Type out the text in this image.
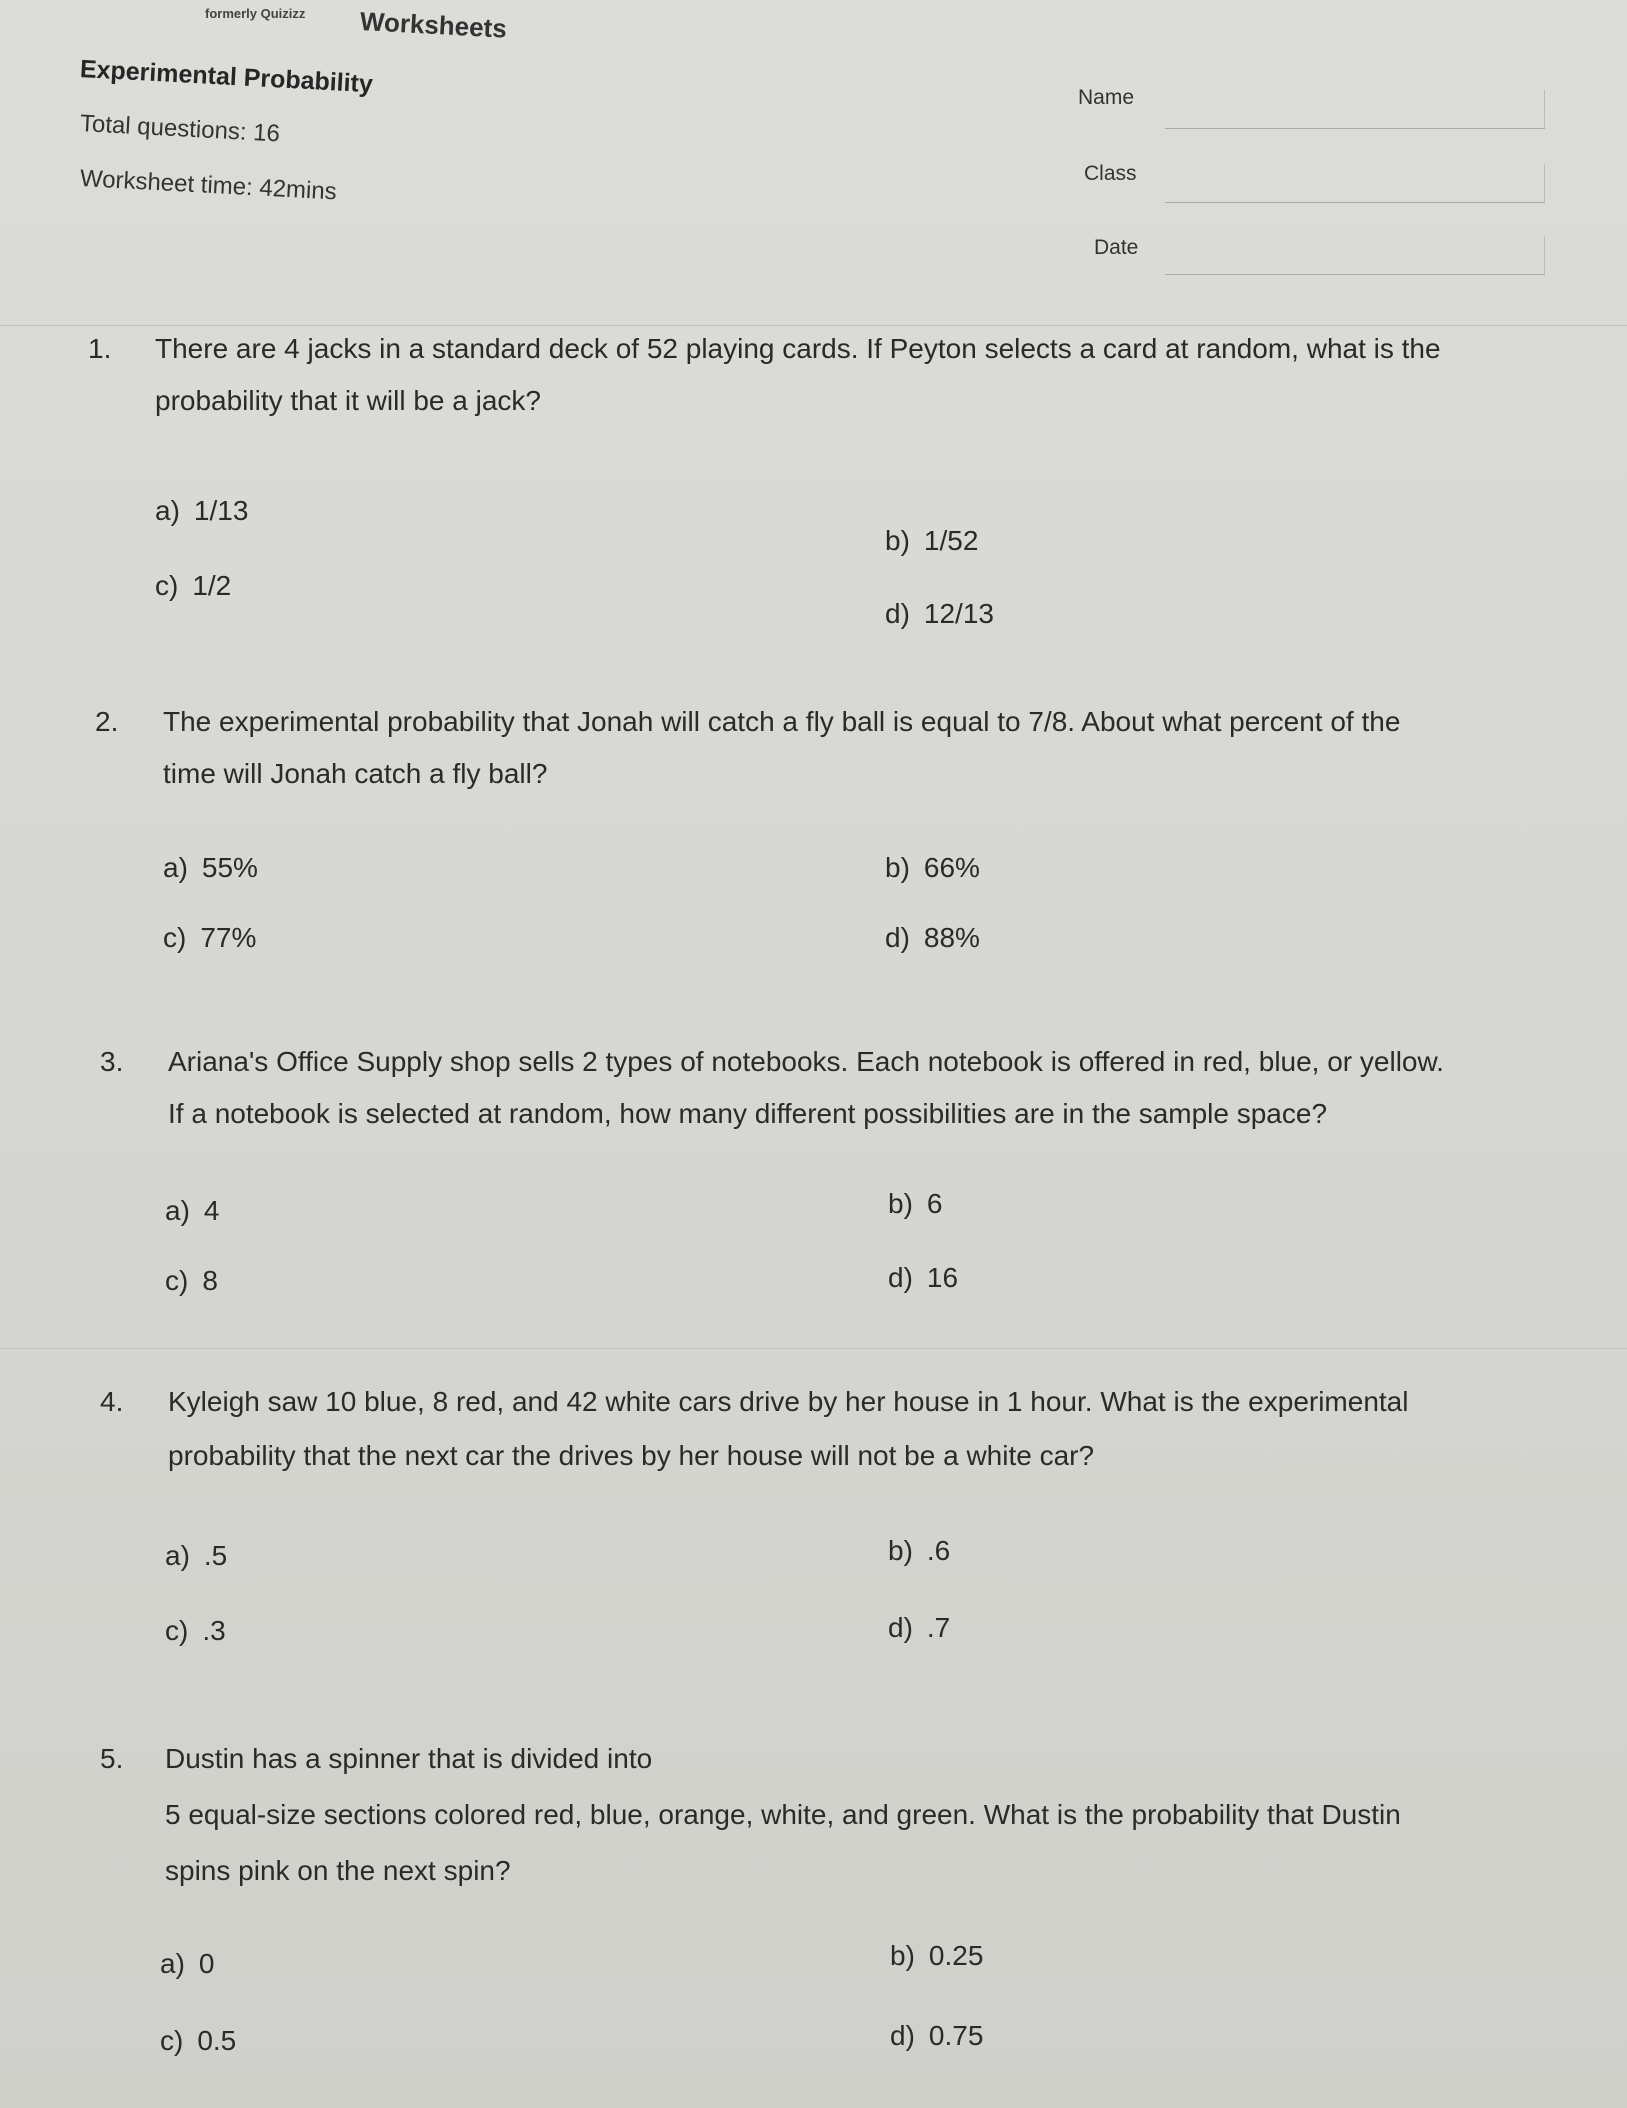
formerly Quizizz Worksheets
Experimental Probability
Total questions: 16
Worksheet time: 42mins
Name
Class
Date
1. There are 4 jacks in a standard deck of 52 playing cards. If Peyton selects a card at random, what is the
probability that it will be a jack?
a) 1/13
b) 1/52
c) 1/2
d) 12/13
2. The experimental probability that Jonah will catch a fly ball is equal to 7/8. About what percent of the
time will Jonah catch a fly ball?
a) 55%	b) 66%
c) 77%	d) 88%
3. Ariana's Office Supply shop sells 2 types of notebooks. Each notebook is offered in red, blue, or yellow.
If a notebook is selected at random, how many different possibilities are in the sample space?
a) 4	b) 6
c) 8	d) 16
4. Kyleigh saw 10 blue, 8 red, and 42 white cars drive by her house in 1 hour. What is the experimental
probability that the next car the drives by her house will not be a white car?
a) .5	b) .6
c) .3	d) .7
5. Dustin has a spinner that is divided into
5 equal-size sections colored red, blue, orange, white, and green. What is the probability that Dustin
spins pink on the next spin?
a) 0	b) 0.25
c) 0.5	d) 0.75
